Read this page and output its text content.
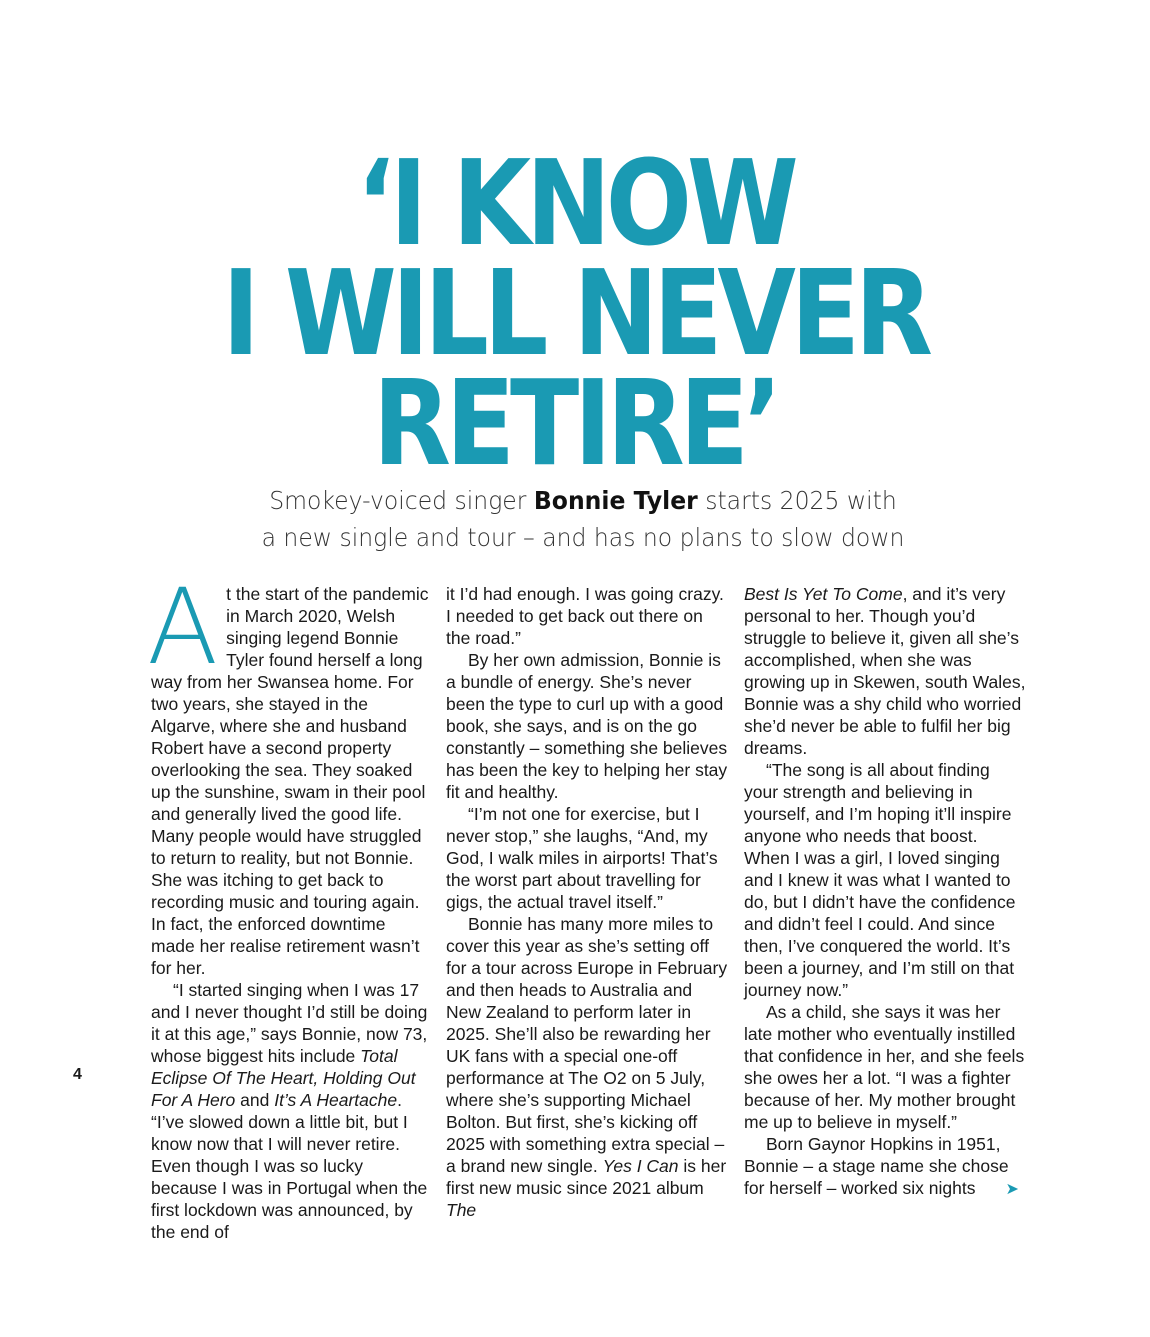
‘I KNOW
I WILL NEVER
RETIRE’
Smokey-voiced singer Bonnie Tyler starts 2025 with
a new single and tour – and has no plans to slow down

At the start of the pandemic in March 2020, Welsh singing legend Bonnie Tyler found herself a long way from her Swansea home. For two years, she stayed in the Algarve, where she and husband Robert have a second property overlooking the sea. They soaked up the sunshine, swam in their pool and generally lived the good life. Many people would have struggled to return to reality, but not Bonnie. She was itching to get back to recording music and touring again. In fact, the enforced downtime made her realise retirement wasn’t for her.

“I started singing when I was 17 and I never thought I’d still be doing it at this age,” says Bonnie, now 73, whose biggest hits include Total Eclipse Of The Heart, Holding Out For A Hero and It’s A Heartache. “I’ve slowed down a little bit, but I know now that I will never retire. Even though I was so lucky because I was in Portugal when the first lockdown was announced, by the end of

it I’d had enough. I was going crazy. I needed to get back out there on the road.”

By her own admission, Bonnie is a bundle of energy. She’s never been the type to curl up with a good book, she says, and is on the go constantly – something she believes has been the key to helping her stay fit and healthy.

“I’m not one for exercise, but I never stop,” she laughs, “And, my God, I walk miles in airports! That’s the worst part about travelling for gigs, the actual travel itself.”

Bonnie has many more miles to cover this year as she’s setting off for a tour across Europe in February and then heads to Australia and New Zealand to perform later in 2025. She’ll also be rewarding her UK fans with a special one-off performance at The O2 on 5 July, where she’s supporting Michael Bolton. But first, she’s kicking off 2025 with something extra special – a brand new single. Yes I Can is her first new music since 2021 album The

Best Is Yet To Come, and it’s very personal to her. Though you’d struggle to believe it, given all she’s accomplished, when she was growing up in Skewen, south Wales, Bonnie was a shy child who worried she’d never be able to fulfil her big dreams.

“The song is all about finding your strength and believing in yourself, and I’m hoping it’ll inspire anyone who needs that boost. When I was a girl, I loved singing and I knew it was what I wanted to do, but I didn’t have the confidence and didn’t feel I could. And since then, I’ve conquered the world. It’s been a journey, and I’m still on that journey now.”

As a child, she says it was her late mother who eventually instilled that confidence in her, and she feels she owes her a lot. “I was a fighter because of her. My mother brought me up to believe in myself.”

Born Gaynor Hopkins in 1951, Bonnie – a stage name she chose for herself – worked six nights ➤

4
